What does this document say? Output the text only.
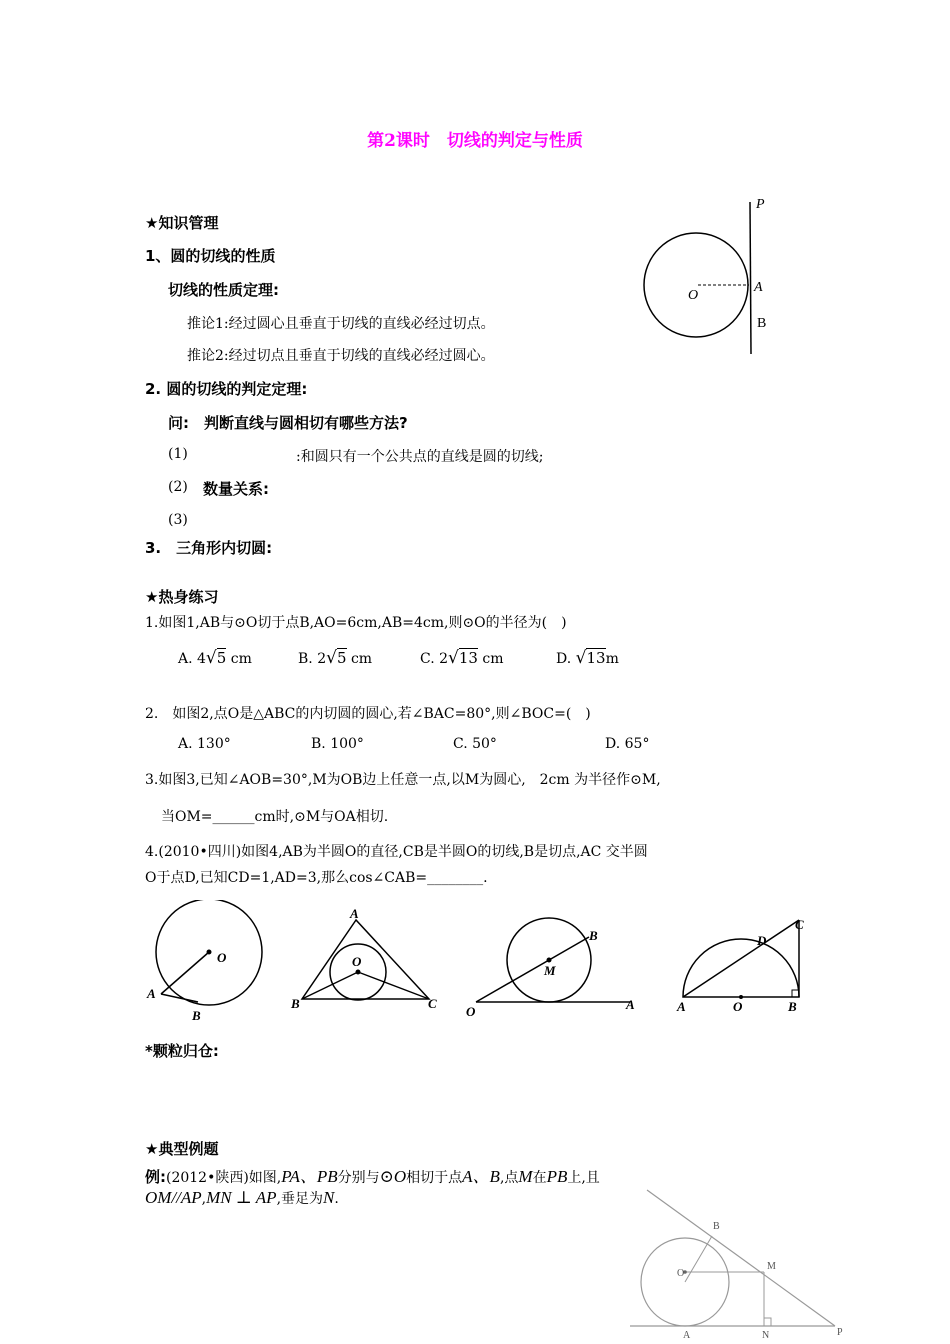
第2课时　切线的判定与性质
★知识管理
1、圆的切线的性质
切线的性质定理:
推论1:经过圆心且垂直于切线的直线必经过切点。
推论2:经过切点且垂直于切线的直线必经过圆心。
2. 圆的切线的判定定理:
问:　判断直线与圆相切有哪些方法?
(1)	:和圆只有一个公共点的直线是圆的切线;
(2) 数量关系:
(3)
3.　三角形内切圆:
P
O
A
B
★热身练习
1.如图1,AB与⊙O切于点B,AO=6cm,AB=4cm,则⊙O的半径为(　)
A. 4√5 cm	B. 2√5 cm	C. 2√13 cm	D. √13m
2.　如图2,点O是△ABC的内切圆的圆心,若∠BAC=80°,则∠BOC=(　)
A. 130°	B. 100°	C. 50°	D. 65°
3.如图3,已知∠AOB=30°,M为OB边上任意一点,以M为圆心,　2cm 为半径作⊙M,
当OM=______cm时,⊙M与OA相切.
4.(2010•四川)如图4,AB为半圆O的直径,CB是半圆O的切线,B是切点,AC 交半圆
O于点D,已知CD=1,AD=3,那么cos∠CAB=________.
O
A
B
A
O
B	C
B
M
O	A
C
D
A	O	B
*颗粒归仓:
★典型例题
例:(2012•陕西)如图,PA、PB分别与⊙O相切于点A、B,点M在PB上,且
OM//AP,MN ⊥ AP,垂足为N.
B
O
M
A	N	P
